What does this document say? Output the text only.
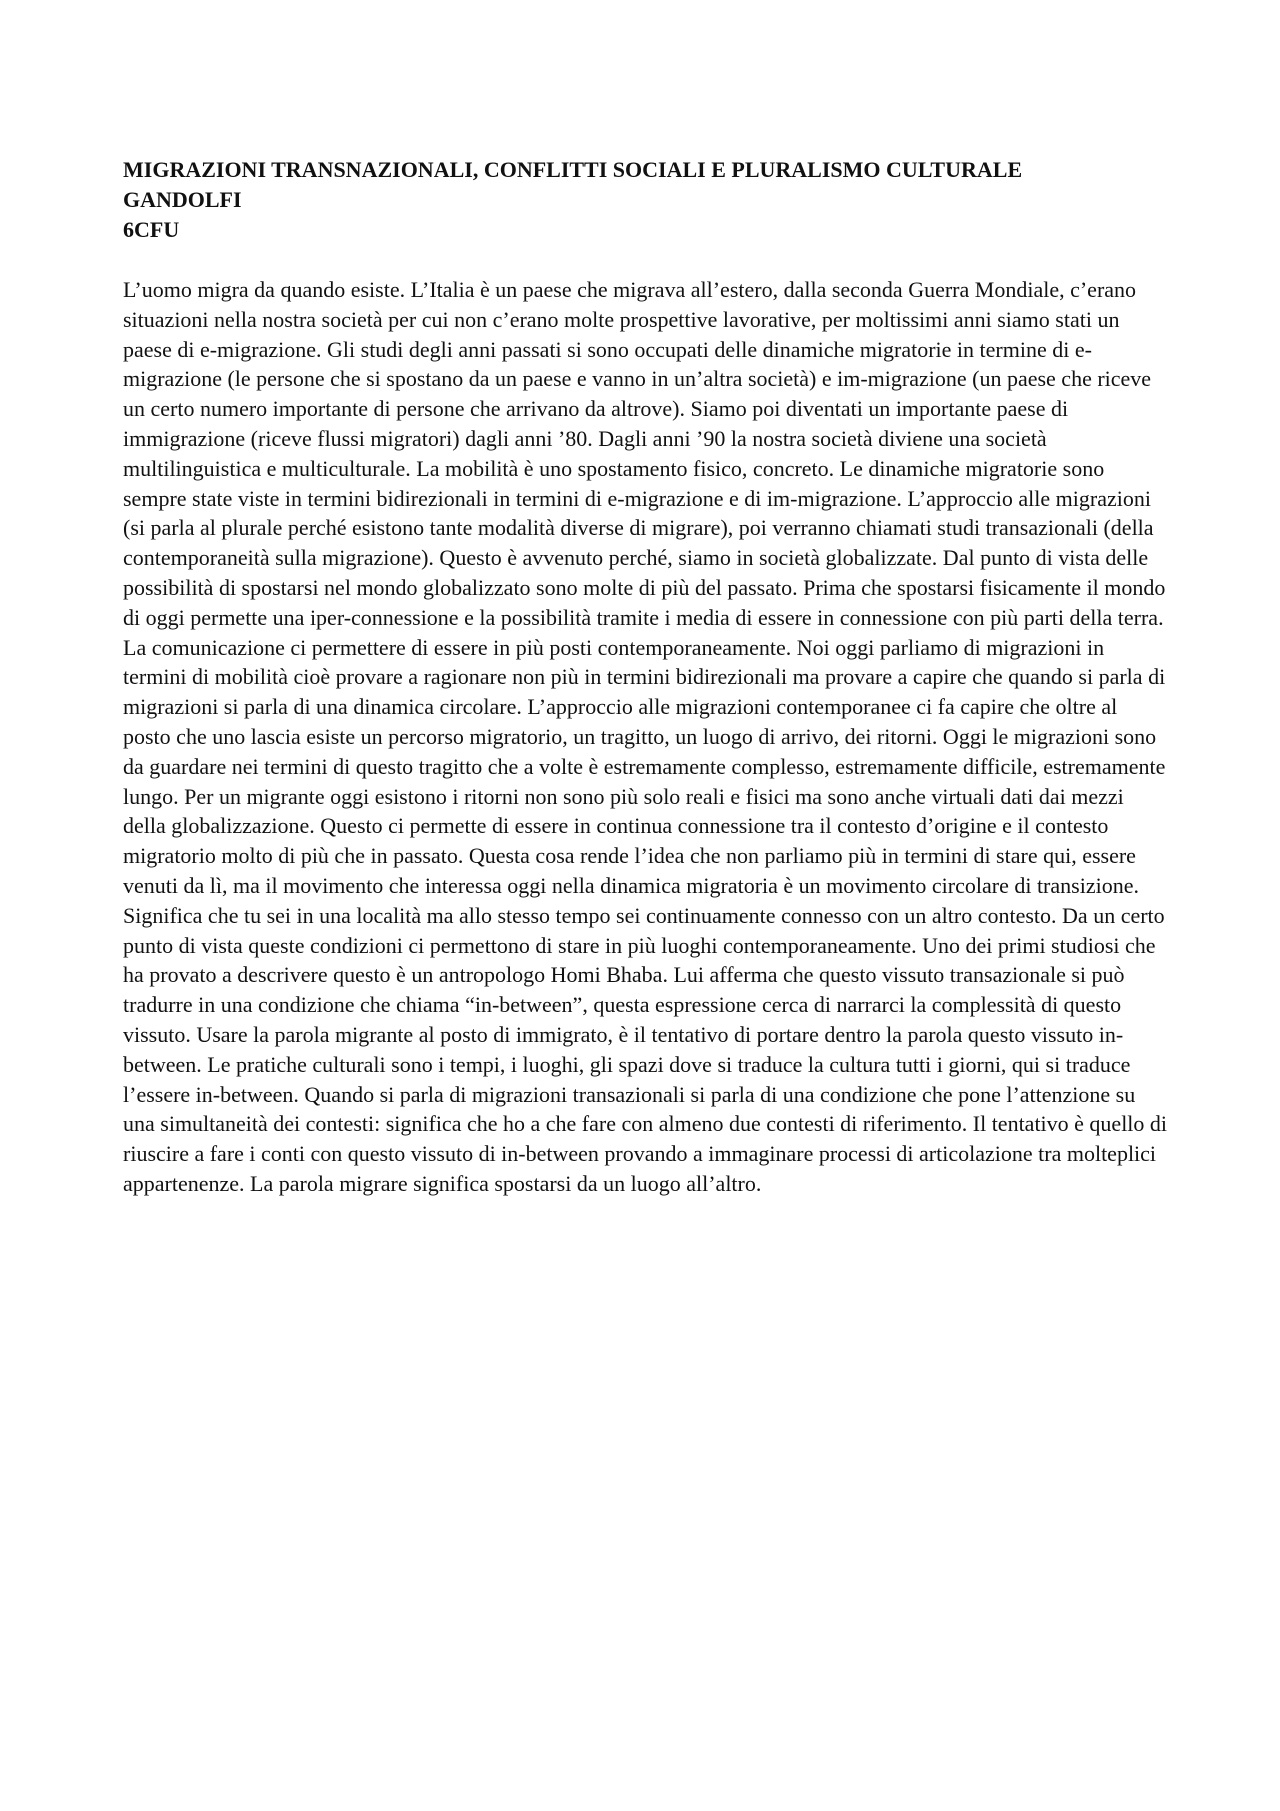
MIGRAZIONI TRANSNAZIONALI, CONFLITTI SOCIALI E PLURALISMO CULTURALE
GANDOLFI
6CFU

L’uomo migra da quando esiste. L’Italia è un paese che migrava all’estero, dalla seconda Guerra Mondiale, c’erano situazioni nella nostra società per cui non c’erano molte prospettive lavorative, per moltissimi anni siamo stati un paese di e-migrazione. Gli studi degli anni passati si sono occupati delle dinamiche migratorie in termine di e-migrazione (le persone che si spostano da un paese e vanno in un’altra società) e im-migrazione (un paese che riceve un certo numero importante di persone che arrivano da altrove). Siamo poi diventati un importante paese di immigrazione (riceve flussi migratori) dagli anni ’80. Dagli anni ’90 la nostra società diviene una società multilinguistica e multiculturale. La mobilità è uno spostamento fisico, concreto. Le dinamiche migratorie sono sempre state viste in termini bidirezionali in termini di e-migrazione e di im-migrazione. L’approccio alle migrazioni (si parla al plurale perché esistono tante modalità diverse di migrare), poi verranno chiamati studi transazionali (della contemporaneità sulla migrazione). Questo è avvenuto perché, siamo in società globalizzate. Dal punto di vista delle possibilità di spostarsi nel mondo globalizzato sono molte di più del passato. Prima che spostarsi fisicamente il mondo di oggi permette una iper-connessione e la possibilità tramite i media di essere in connessione con più parti della terra. La comunicazione ci permettere di essere in più posti contemporaneamente. Noi oggi parliamo di migrazioni in termini di mobilità cioè provare a ragionare non più in termini bidirezionali ma provare a capire che quando si parla di migrazioni si parla di una dinamica circolare. L’approccio alle migrazioni contemporanee ci fa capire che oltre al posto che uno lascia esiste un percorso migratorio, un tragitto, un luogo di arrivo, dei ritorni. Oggi le migrazioni sono da guardare nei termini di questo tragitto che a volte è estremamente complesso, estremamente difficile, estremamente lungo. Per un migrante oggi esistono i ritorni non sono più solo reali e fisici ma sono anche virtuali dati dai mezzi della globalizzazione. Questo ci permette di essere in continua connessione tra il contesto d’origine e il contesto migratorio molto di più che in passato. Questa cosa rende l’idea che non parliamo più in termini di stare qui, essere venuti da lì, ma il movimento che interessa oggi nella dinamica migratoria è un movimento circolare di transizione. Significa che tu sei in una località ma allo stesso tempo sei continuamente connesso con un altro contesto. Da un certo punto di vista queste condizioni ci permettono di stare in più luoghi contemporaneamente. Uno dei primi studiosi che ha provato a descrivere questo è un antropologo Homi Bhaba. Lui afferma che questo vissuto transazionale si può tradurre in una condizione che chiama “in-between”, questa espressione cerca di narrarci la complessità di questo vissuto. Usare la parola migrante al posto di immigrato, è il tentativo di portare dentro la parola questo vissuto in-between. Le pratiche culturali sono i tempi, i luoghi, gli spazi dove si traduce la cultura tutti i giorni, qui si traduce l’essere in-between. Quando si parla di migrazioni transazionali si parla di una condizione che pone l’attenzione su una simultaneità dei contesti: significa che ho a che fare con almeno due contesti di riferimento. Il tentativo è quello di riuscire a fare i conti con questo vissuto di in-between provando a immaginare processi di articolazione tra molteplici appartenenze. La parola migrare significa spostarsi da un luogo all’altro.
